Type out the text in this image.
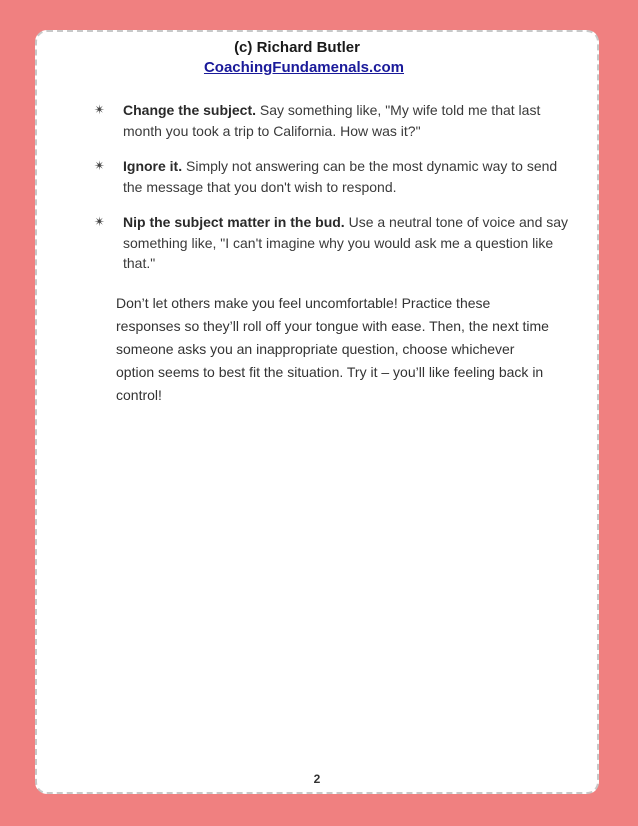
(c) Richard Butler
CoachingFundamenals.com
✴ Change the subject. Say something like, "My wife told me that last month you took a trip to California. How was it?"
✴ Ignore it. Simply not answering can be the most dynamic way to send the message that you don't wish to respond.
✴ Nip the subject matter in the bud. Use a neutral tone of voice and say something like, "I can't imagine why you would ask me a question like that."

Don’t let others make you feel uncomfortable! Practice these responses so they’ll roll off your tongue with ease. Then, the next time someone asks you an inappropriate question, choose whichever option seems to best fit the situation. Try it – you’ll like feeling back in control!

2
